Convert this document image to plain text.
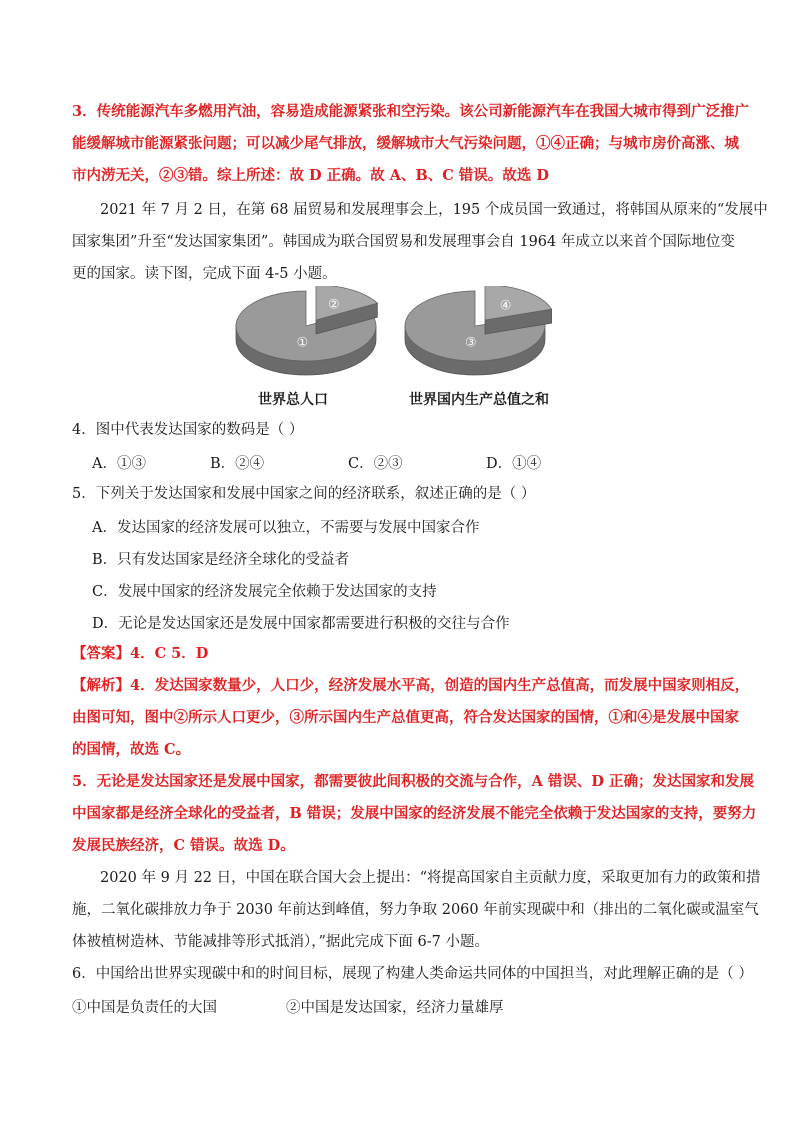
3．传统能源汽车多燃用汽油，容易造成能源紧张和空污染。该公司新能源汽车在我国大城市得到广泛推广
能缓解城市能源紧张问题；可以减少尾气排放，缓解城市大气污染问题，①④正确；与城市房价高涨、城
市内涝无关，②③错。综上所述：故 D 正确。故 A、B、C 错误。故选 D
2021 年 7 月 2 日，在第 68 届贸易和发展理事会上，195 个成员国一致通过，将韩国从原来的“发展中
国家集团”升至“发达国家集团”。韩国成为联合国贸易和发展理事会自 1964 年成立以来首个国际地位变
更的国家。读下图，完成下面 4-5 小题。
①
②
③
④
世界总人口	世界国内生产总值之和
4．图中代表发达国家的数码是（ ）
A．①③	B．②④	C．②③	D．①④
5．下列关于发达国家和发展中国家之间的经济联系，叙述正确的是（ ）
A．发达国家的经济发展可以独立，不需要与发展中国家合作
B．只有发达国家是经济全球化的受益者
C．发展中国家的经济发展完全依赖于发达国家的支持
D．无论是发达国家还是发展中国家都需要进行积极的交往与合作
【答案】4．C 5．D
【解析】4．发达国家数量少，人口少，经济发展水平高，创造的国内生产总值高，而发展中国家则相反，
由图可知，图中②所示人口更少，③所示国内生产总值更高，符合发达国家的国情，①和④是发展中国家
的国情，故选 C。
5．无论是发达国家还是发展中国家，都需要彼此间积极的交流与合作，A 错误、D 正确；发达国家和发展
中国家都是经济全球化的受益者，B 错误；发展中国家的经济发展不能完全依赖于发达国家的支持，要努力
发展民族经济，C 错误。故选 D。
2020 年 9 月 22 日，中国在联合国大会上提出：“将提高国家自主贡献力度，采取更加有力的政策和措
施，二氧化碳排放力争于 2030 年前达到峰值，努力争取 2060 年前实现碳中和（排出的二氧化碳或温室气
体被植树造林、节能减排等形式抵消），”据此完成下面 6-7 小题。
6．中国给出世界实现碳中和的时间目标，展现了构建人类命运共同体的中国担当，对此理解正确的是（ ）
①中国是负责任的大国	②中国是发达国家，经济力量雄厚
